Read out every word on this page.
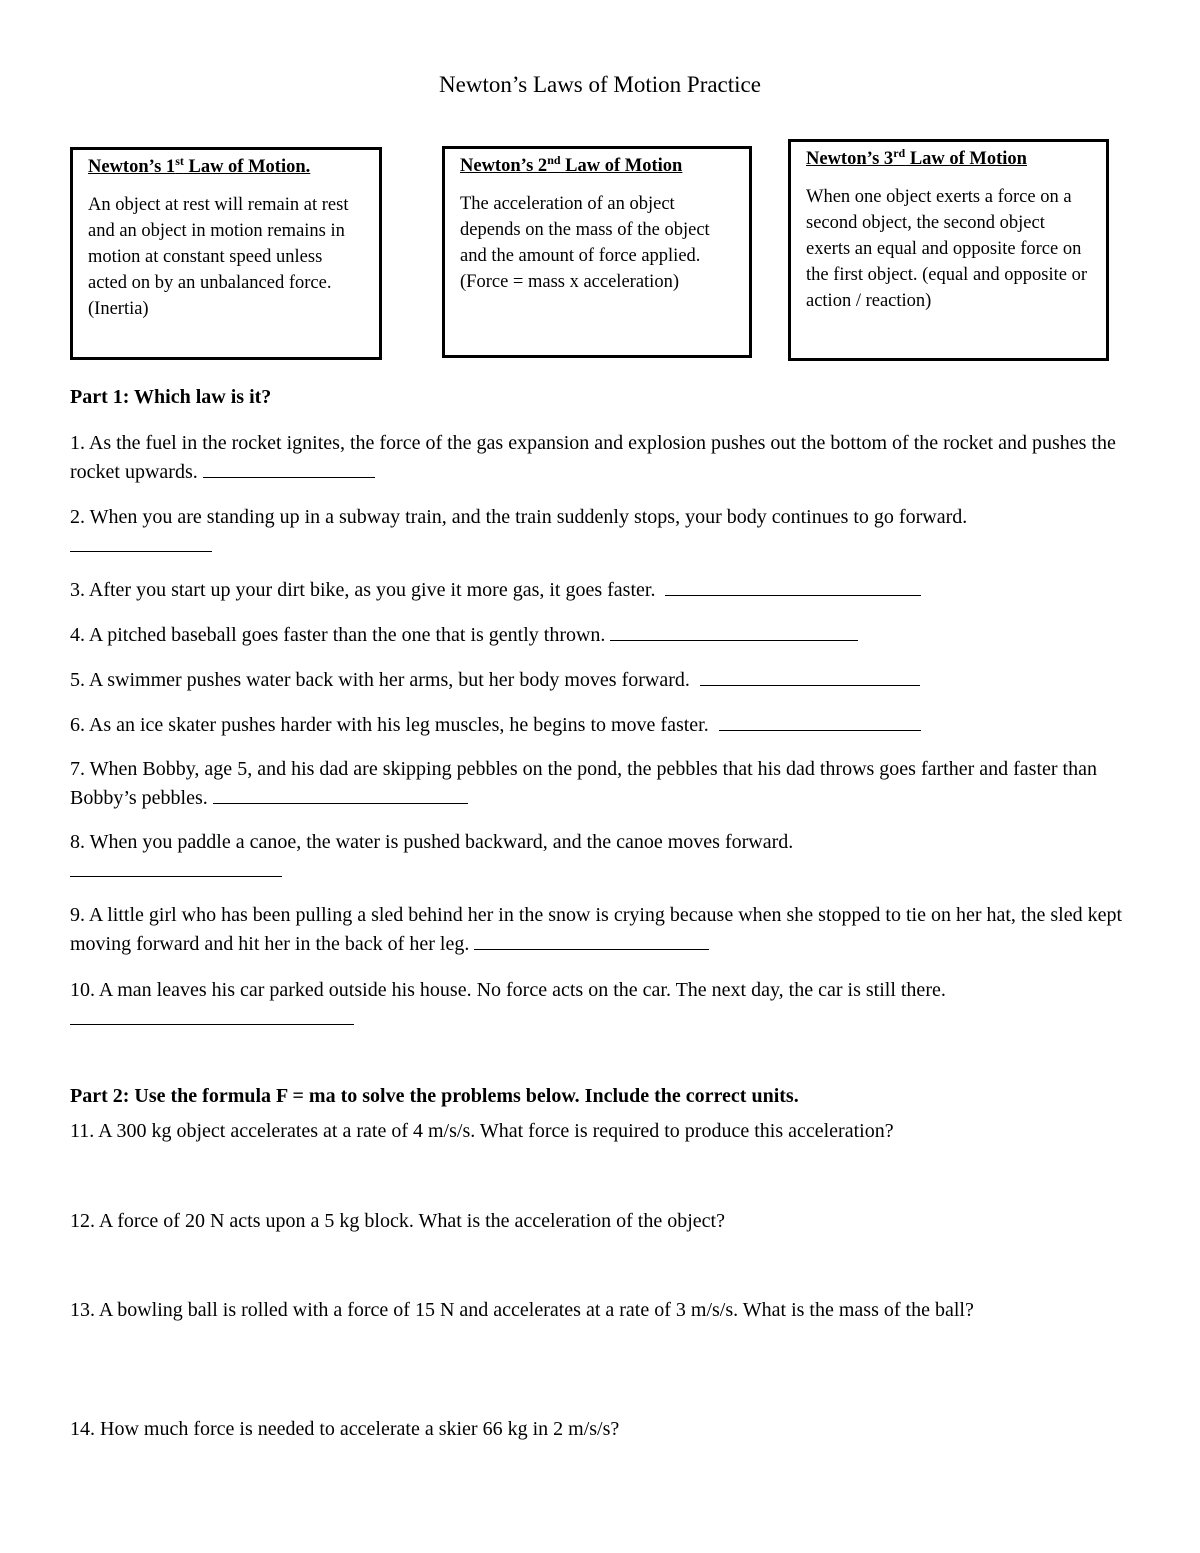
Newton’s Laws of Motion Practice
Newton’s 1st Law of Motion.
An object at rest will remain at rest and an object in motion remains in motion at constant speed unless acted on by an unbalanced force. (Inertia)
Newton’s 2nd Law of Motion
The acceleration of an object depends on the mass of the object and the amount of force applied. (Force = mass x acceleration)
Newton’s 3rd Law of Motion
When one object exerts a force on a second object, the second object exerts an equal and opposite force on the first object. (equal and opposite or action / reaction)
Part 1: Which law is it?
1. As the fuel in the rocket ignites, the force of the gas expansion and explosion pushes out the bottom of the rocket and pushes the rocket upwards.
2. When you are standing up in a subway train, and the train suddenly stops, your body continues to go forward.

3. After you start up your dirt bike, as you give it more gas, it goes faster.
4. A pitched baseball goes faster than the one that is gently thrown.
5. A swimmer pushes water back with her arms, but her body moves forward.
6. As an ice skater pushes harder with his leg muscles, he begins to move faster.
7. When Bobby, age 5, and his dad are skipping pebbles on the pond, the pebbles that his dad throws goes farther and faster than Bobby’s pebbles.
8. When you paddle a canoe, the water is pushed backward, and the canoe moves forward.

9. A little girl who has been pulling a sled behind her in the snow is crying because when she stopped to tie on her hat, the sled kept moving forward and hit her in the back of her leg.
10. A man leaves his car parked outside his house. No force acts on the car. The next day, the car is still there.

Part 2: Use the formula F = ma to solve the problems below. Include the correct units.
11. A 300 kg object accelerates at a rate of 4 m/s/s. What force is required to produce this acceleration?
12. A force of 20 N acts upon a 5 kg block. What is the acceleration of the object?
13. A bowling ball is rolled with a force of 15 N and accelerates at a rate of 3 m/s/s. What is the mass of the ball?
14. How much force is needed to accelerate a skier 66 kg in 2 m/s/s?
